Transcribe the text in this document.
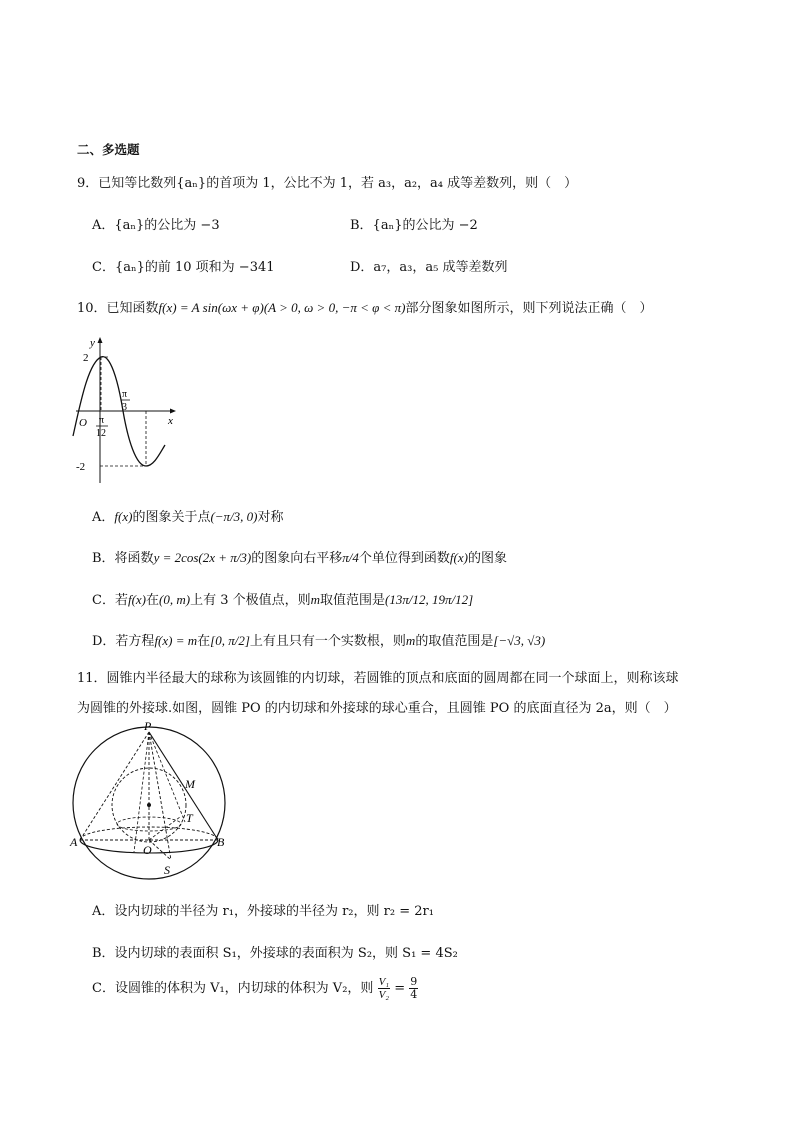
二、多选题
9．已知等比数列{aₙ}的首项为 1，公比不为 1，若 a₃，a₂，a₄ 成等差数列，则（　）
A．{aₙ}的公比为 −3	B．{aₙ}的公比为 −2
C．{aₙ}的前 10 项和为 −341	D．a₇，a₃，a₅ 成等差数列
10．已知函数f(x) = A sin(ωx + φ)(A > 0, ω > 0, −π < φ < π)部分图象如图所示，则下列说法正确（　）
y
x
O
2
-2
π
12
π
3
A．f(x)的图象关于点(−π/3, 0)对称
B．将函数y = 2cos(2x + π/3)的图象向右平移π/4个单位得到函数f(x)的图象
C．若f(x)在(0, m)上有 3 个极值点，则m取值范围是(13π/12, 19π/12]
D．若方程f(x) = m在[0, π/2]上有且只有一个实数根，则m的取值范围是[−√3, √3)
11．圆锥内半径最大的球称为该圆锥的内切球，若圆锥的顶点和底面的圆周都在同一个球面上，则称该球
为圆锥的外接球.如图，圆锥 PO 的内切球和外接球的球心重合，且圆锥 PO 的底面直径为 2a，则（　）
P
M
T
A
O
B
S
A．设内切球的半径为 r₁，外接球的半径为 r₂，则 r₂ = 2r₁
B．设内切球的表面积 S₁，外接球的表面积为 S₂，则 S₁ = 4S₂
C．设圆锥的体积为 V₁，内切球的体积为 V₂，则 $\frac{\text{V₁}}{\text{V₂}} = \frac{9}{4}$
